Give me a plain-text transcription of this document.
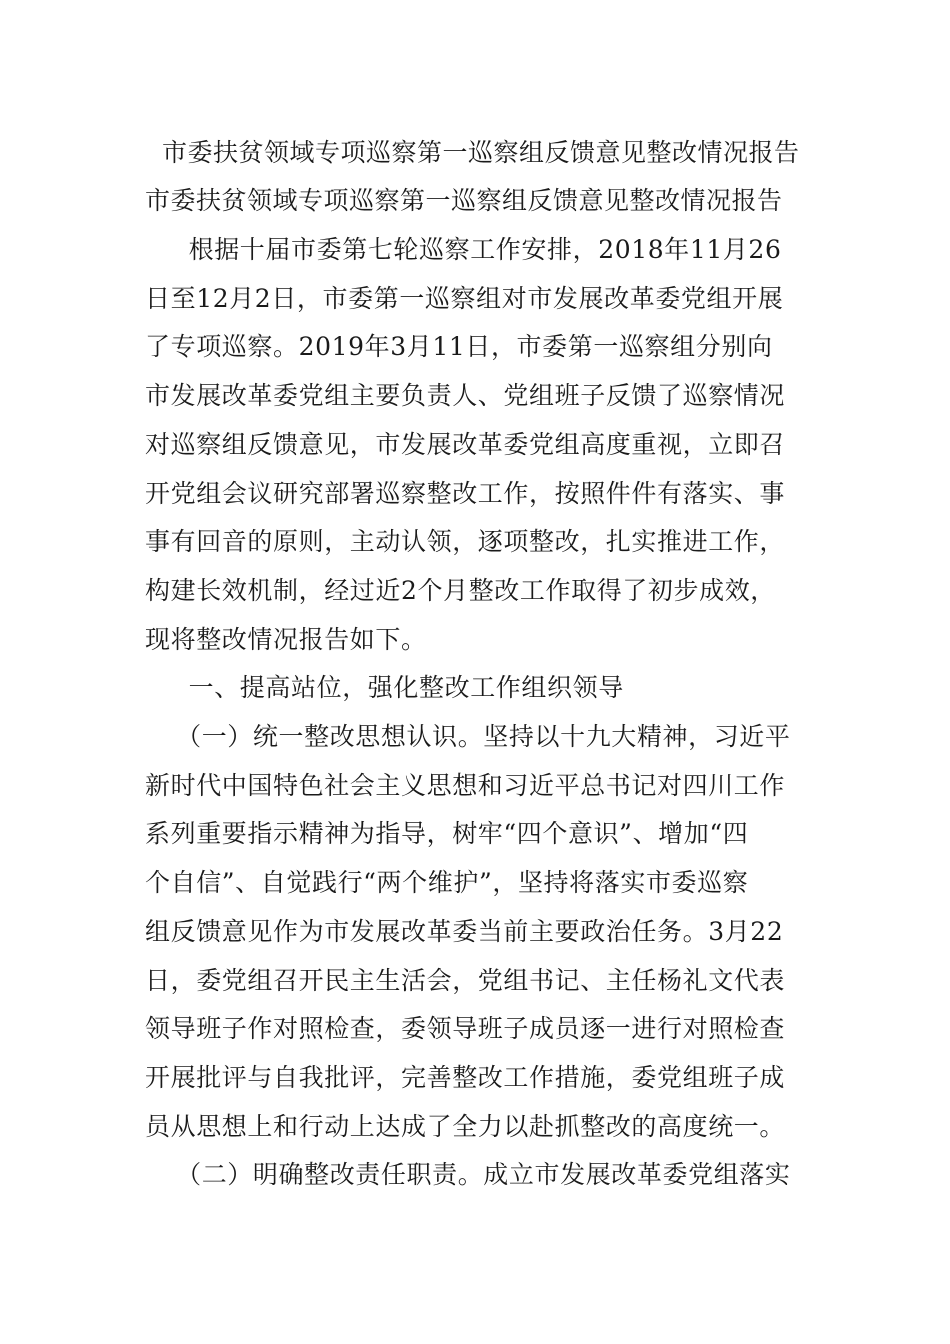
市委扶贫领域专项巡察第一巡察组反馈意见整改情况报告
市委扶贫领域专项巡察第一巡察组反馈意见整改情况报告
　根据十届市委第七轮巡察工作安排，2018年11月26
日至12月2日，市委第一巡察组对市发展改革委党组开展
了专项巡察。2019年3月11日，市委第一巡察组分别向
市发展改革委党组主要负责人、党组班子反馈了巡察情况
对巡察组反馈意见，市发展改革委党组高度重视，立即召
开党组会议研究部署巡察整改工作，按照件件有落实、事
事有回音的原则，主动认领，逐项整改，扎实推进工作，
构建长效机制，经过近2个月整改工作取得了初步成效，
现将整改情况报告如下。
　一、提高站位，强化整改工作组织领导
　（一）统一整改思想认识。坚持以十九大精神，习近平
新时代中国特色社会主义思想和习近平总书记对四川工作
系列重要指示精神为指导，树牢“四个意识”、增加“四
个自信”、自觉践行“两个维护”，坚持将落实市委巡察
组反馈意见作为市发展改革委当前主要政治任务。3月22
日，委党组召开民主生活会，党组书记、主任杨礼文代表
领导班子作对照检查，委领导班子成员逐一进行对照检查
开展批评与自我批评，完善整改工作措施，委党组班子成
员从思想上和行动上达成了全力以赴抓整改的高度统一。
　（二）明确整改责任职责。成立市发展改革委党组落实
